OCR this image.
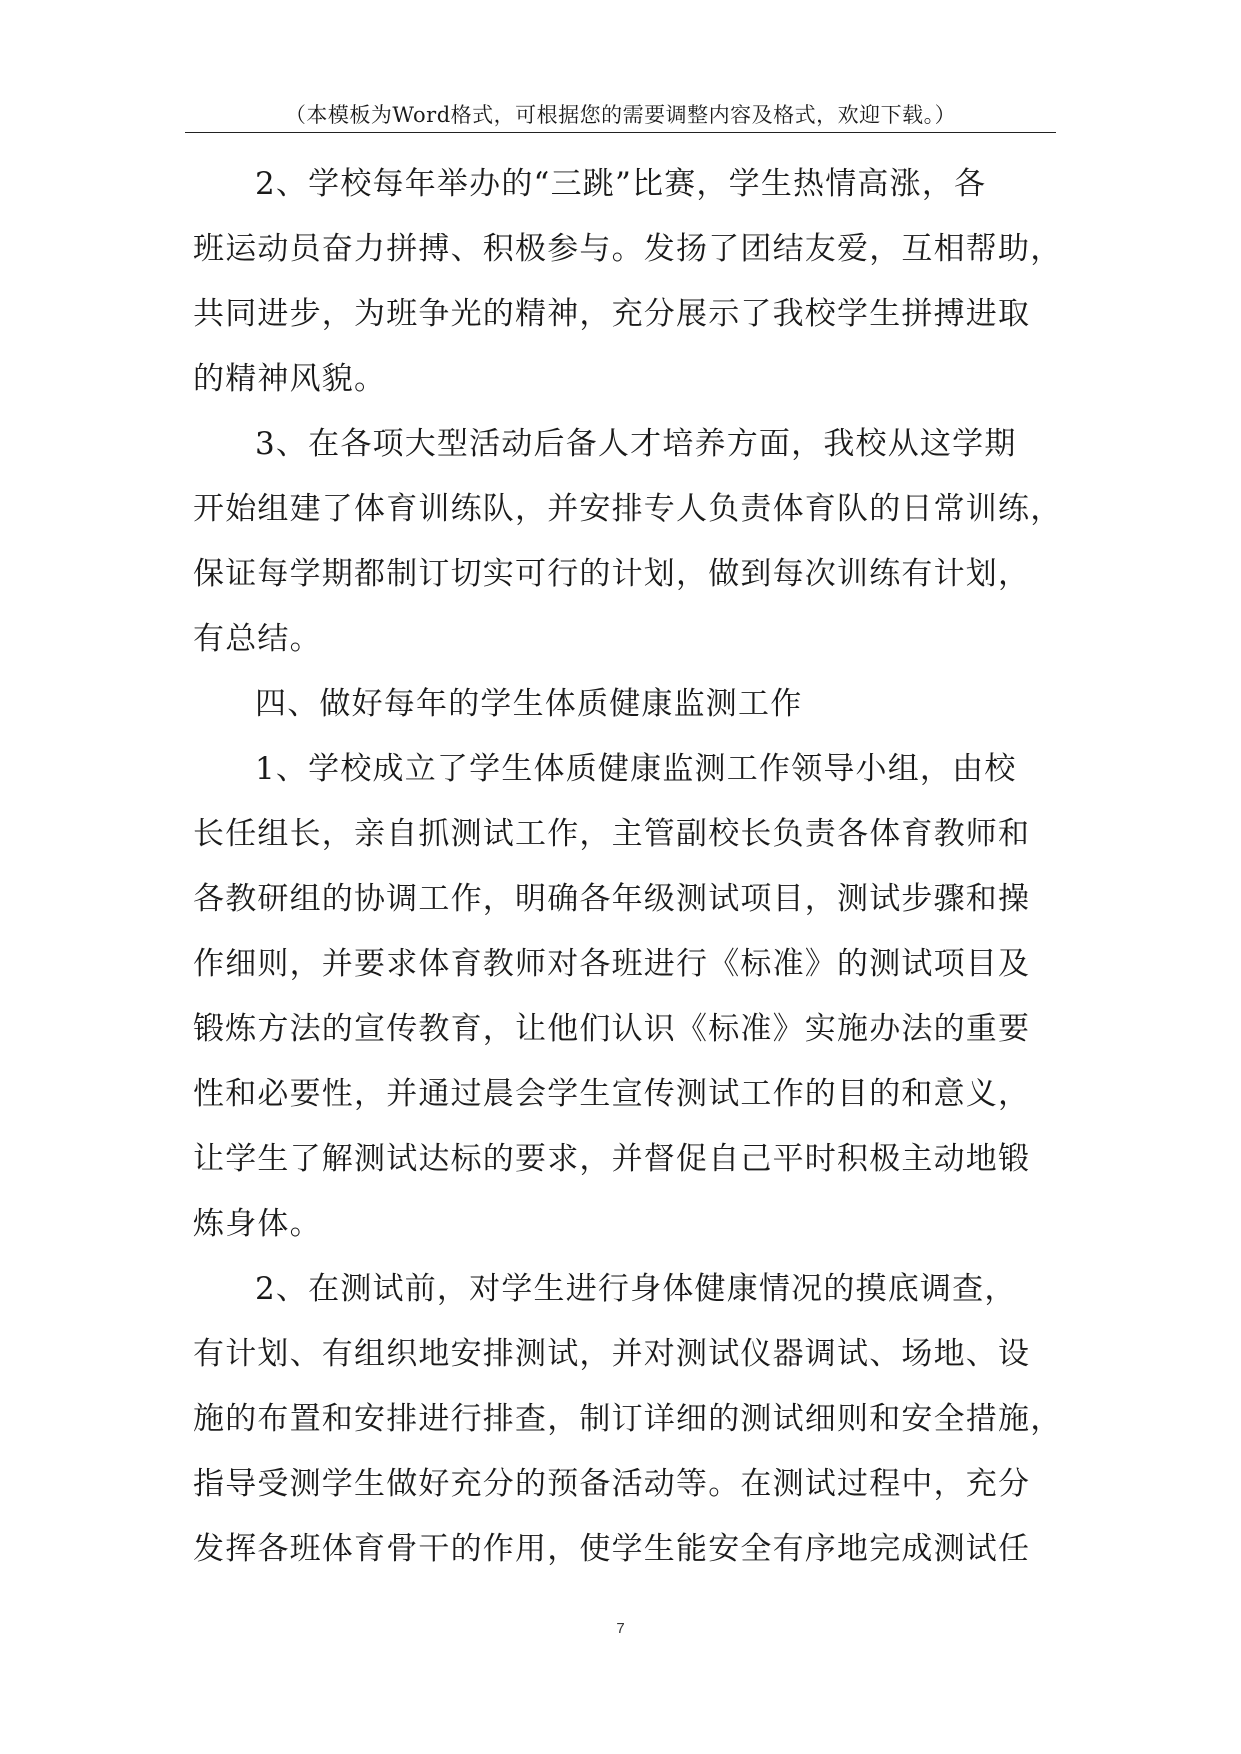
（本模板为Word格式，可根据您的需要调整内容及格式，欢迎下载。）
2、学校每年举办的“三跳”比赛，学生热情高涨，各
班运动员奋力拼搏、积极参与。发扬了团结友爱，互相帮助，
共同进步，为班争光的精神，充分展示了我校学生拼搏进取
的精神风貌。
3、在各项大型活动后备人才培养方面，我校从这学期
开始组建了体育训练队，并安排专人负责体育队的日常训练，
保证每学期都制订切实可行的计划，做到每次训练有计划，
有总结。
四、做好每年的学生体质健康监测工作
1、学校成立了学生体质健康监测工作领导小组，由校
长任组长，亲自抓测试工作，主管副校长负责各体育教师和
各教研组的协调工作，明确各年级测试项目，测试步骤和操
作细则，并要求体育教师对各班进行《标准》的测试项目及
锻炼方法的宣传教育，让他们认识《标准》实施办法的重要
性和必要性，并通过晨会学生宣传测试工作的目的和意义，
让学生了解测试达标的要求，并督促自己平时积极主动地锻
炼身体。
2、在测试前，对学生进行身体健康情况的摸底调查，
有计划、有组织地安排测试，并对测试仪器调试、场地、设
施的布置和安排进行排查，制订详细的测试细则和安全措施，
指导受测学生做好充分的预备活动等。在测试过程中，充分
发挥各班体育骨干的作用，使学生能安全有序地完成测试任
7
